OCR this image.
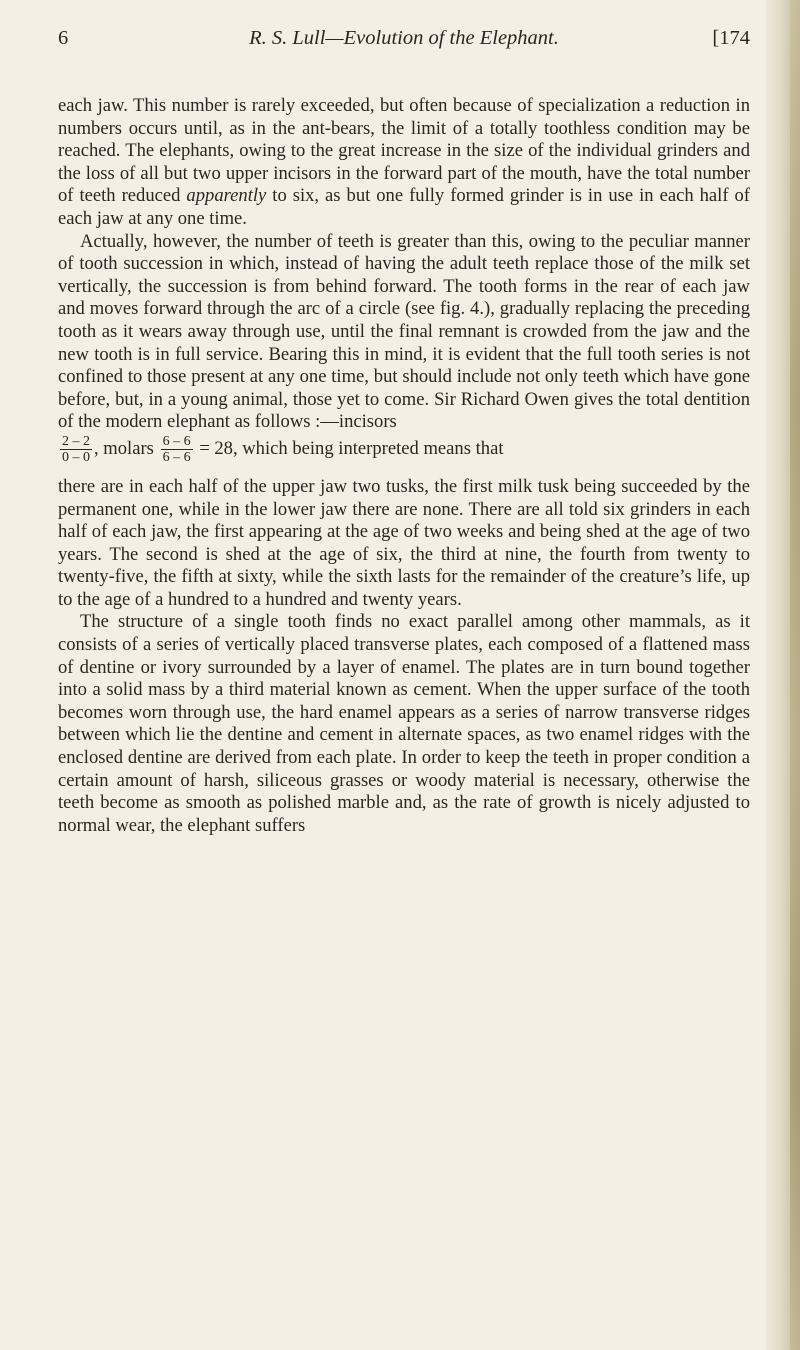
6	R. S. Lull—Evolution of the Elephant.	[174

each jaw. This number is rarely exceeded, but often because of specialization a reduction in numbers occurs until, as in the ant-bears, the limit of a totally toothless condition may be reached. The elephants, owing to the great increase in the size of the individual grinders and the loss of all but two upper incisors in the forward part of the mouth, have the total number of teeth reduced apparently to six, as but one fully formed grinder is in use in each half of each jaw at any one time.

Actually, however, the number of teeth is greater than this, owing to the peculiar manner of tooth succession in which, instead of having the adult teeth replace those of the milk set vertically, the succession is from behind forward. The tooth forms in the rear of each jaw and moves forward through the arc of a circle (see fig. 4.), gradually replacing the preceding tooth as it wears away through use, until the final remnant is crowded from the jaw and the new tooth is in full service. Bearing this in mind, it is evident that the full tooth series is not confined to those present at any one time, but should include not only teeth which have gone before, but, in a young animal, those yet to come. Sir Richard Owen gives the total dentition of the modern elephant as follows :—incisors

$\frac{2 - 2}{0 - 0}$ , molars $\frac{6 - 6}{6 - 6} = 28$, which being interpreted means that

there are in each half of the upper jaw two tusks, the first milk tusk being succeeded by the permanent one, while in the lower jaw there are none. There are all told six grinders in each half of each jaw, the first appearing at the age of two weeks and being shed at the age of two years. The second is shed at the age of six, the third at nine, the fourth from twenty to twenty-five, the fifth at sixty, while the sixth lasts for the remainder of the creature’s life, up to the age of a hundred to a hundred and twenty years.

The structure of a single tooth finds no exact parallel among other mammals, as it consists of a series of vertically placed transverse plates, each composed of a flattened mass of dentine or ivory surrounded by a layer of enamel. The plates are in turn bound together into a solid mass by a third material known as cement. When the upper surface of the tooth becomes worn through use, the hard enamel appears as a series of narrow transverse ridges between which lie the dentine and cement in alternate spaces, as two enamel ridges with the enclosed dentine are derived from each plate. In order to keep the teeth in proper condition a certain amount of harsh, siliceous grasses or woody material is necessary, otherwise the teeth become as smooth as polished marble and, as the rate of growth is nicely adjusted to normal wear, the elephant suffers
